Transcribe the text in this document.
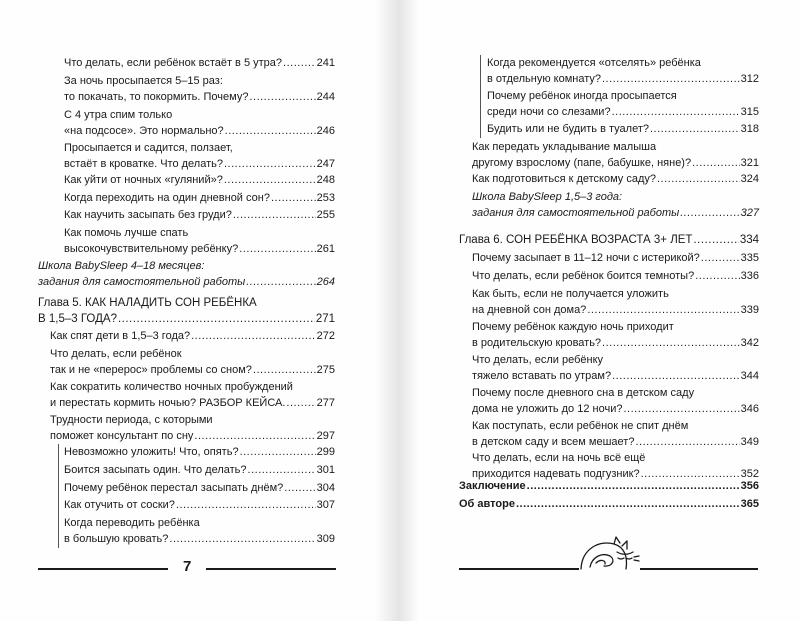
Что делать, если ребёнок встаёт в 5 утра? .....	241
За ночь просыпается 5–15 раз:
то покачать, то покормить. Почему? .....	244
С 4 утра спим только
«на подсосе». Это нормально? .....	246
Просыпается и садится, ползает,
встаёт в кроватке. Что делать? .....	247
Как уйти от ночных «гуляний»? .....	248
Когда переходить на один дневной сон? .....	253
Как научить засыпать без груди? .....	255
Как помочь лучше спать
высокочувствительному ребёнку? .....	261
Школа BabySleep 4–18 месяцев:
задания для самостоятельной работы .....	264
Глава 5. КАК НАЛАДИТЬ СОН РЕБЁНКА
В 1,5–3 ГОДА? .....	271
Как спят дети в 1,5–3 года? .....	272
Что делать, если ребёнок
так и не «перерос» проблемы со сном? .....	275
Как сократить количество ночных пробуждений
и перестать кормить ночью? РАЗБОР КЕЙСА. .....	277
Трудности периода, с которыми
поможет консультант по сну .....	297
Невозможно уложить! Что, опять? .....	299
Боится засыпать один. Что делать? .....	301
Почему ребёнок перестал засыпать днём? .....	304
Как отучить от соски? .....	307
Когда переводить ребёнка
в большую кровать? .....	309
7
Когда рекомендуется «отселять» ребёнка
в отдельную комнату? .....	312
Почему ребёнок иногда просыпается
среди ночи со слезами? .....	315
Будить или не будить в туалет? .....	318
Как передать укладывание малыша
другому взрослому (папе, бабушке, няне)? .....	321
Как подготовиться к детскому саду? .....	324
Школа BabySleep 1,5–3 года:
задания для самостоятельной работы .....	327
Глава 6. СОН РЕБЁНКА ВОЗРАСТА 3+ ЛЕТ .....	334
Почему засыпает в 11–12 ночи с истерикой? .....	335
Что делать, если ребёнок боится темноты? .....	336
Как быть, если не получается уложить
на дневной сон дома? .....	339
Почему ребёнок каждую ночь приходит
в родительскую кровать? .....	342
Что делать, если ребёнку
тяжело вставать по утрам? .....	344
Почему после дневного сна в детском саду
дома не уложить до 12 ночи? .....	346
Как поступать, если ребёнок не спит днём
в детском саду и всем мешает? .....	349
Что делать, если на ночь всё ещё
приходится надевать подгузник? .....	352
Заключение .....	356
Об авторе .....	365
